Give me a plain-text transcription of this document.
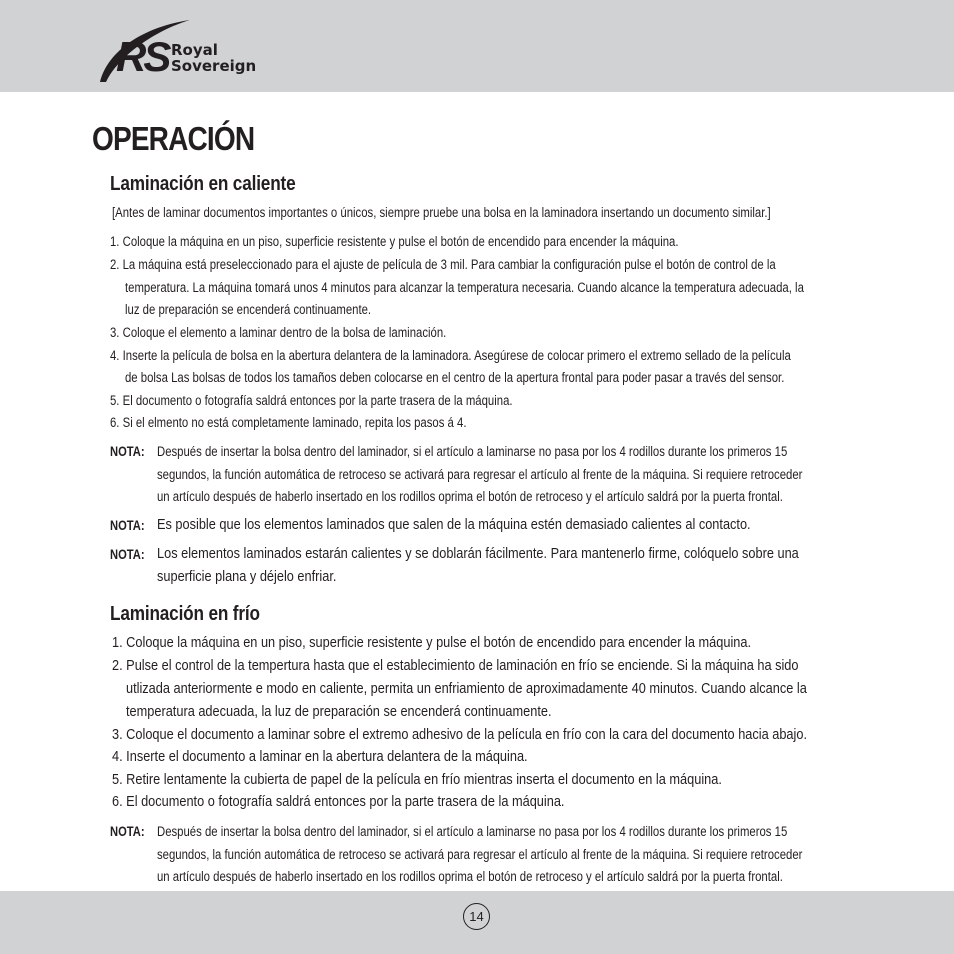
RS Royal
Sovereign
OPERACIÓN
Laminación en caliente
[Antes de laminar documentos importantes o únicos, siempre pruebe una bolsa en la laminadora insertando un documento similar.]
1. Coloque la máquina en un piso, superficie resistente y pulse el botón de encendido para encender la máquina.
2. La máquina está preseleccionado para el ajuste de película de 3 mil. Para cambiar la configuración pulse el botón de control de la
temperatura. La máquina tomará unos 4 minutos para alcanzar la temperatura necesaria. Cuando alcance la temperatura adecuada, la
luz de preparación se encenderá continuamente.
3. Coloque el elemento a laminar dentro de la bolsa de laminación.
4. Inserte la película de bolsa en la abertura delantera de la laminadora. Asegúrese de colocar primero el extremo sellado de la película
de bolsa Las bolsas de todos los tamaños deben colocarse en el centro de la apertura frontal para poder pasar a través del sensor.
5. El documento o fotografía saldrá entonces por la parte trasera de la máquina.
6. Si el elmento no está completamente laminado, repita los pasos á 4.
NOTA: Después de insertar la bolsa dentro del laminador, si el artículo a laminarse no pasa por los 4 rodillos durante los primeros 15
segundos, la función automática de retroceso se activará para regresar el artículo al frente de la máquina. Si requiere retroceder
un artículo después de haberlo insertado en los rodillos oprima el botón de retroceso y el artículo saldrá por la puerta frontal.
NOTA: Es posible que los elementos laminados que salen de la máquina estén demasiado calientes al contacto.
NOTA: Los elementos laminados estarán calientes y se doblarán fácilmente. Para mantenerlo firme, colóquelo sobre una
superficie plana y déjelo enfriar.
Laminación en frío
1. Coloque la máquina en un piso, superficie resistente y pulse el botón de encendido para encender la máquina.
2. Pulse el control de la tempertura hasta que el establecimiento de laminación en frío se enciende. Si la máquina ha sido
utlizada anteriormente e modo en caliente, permita un enfriamiento de aproximadamente 40 minutos. Cuando alcance la
temperatura adecuada, la luz de preparación se encenderá continuamente.
3. Coloque el documento a laminar sobre el extremo adhesivo de la película en frío con la cara del documento hacia abajo.
4. Inserte el documento a laminar en la abertura delantera de la máquina.
5. Retire lentamente la cubierta de papel de la película en frío mientras inserta el documento en la máquina.
6. El documento o fotografía saldrá entonces por la parte trasera de la máquina.
NOTA: Después de insertar la bolsa dentro del laminador, si el artículo a laminarse no pasa por los 4 rodillos durante los primeros 15
segundos, la función automática de retroceso se activará para regresar el artículo al frente de la máquina. Si requiere retroceder
un artículo después de haberlo insertado en los rodillos oprima el botón de retroceso y el artículo saldrá por la puerta frontal.
14
